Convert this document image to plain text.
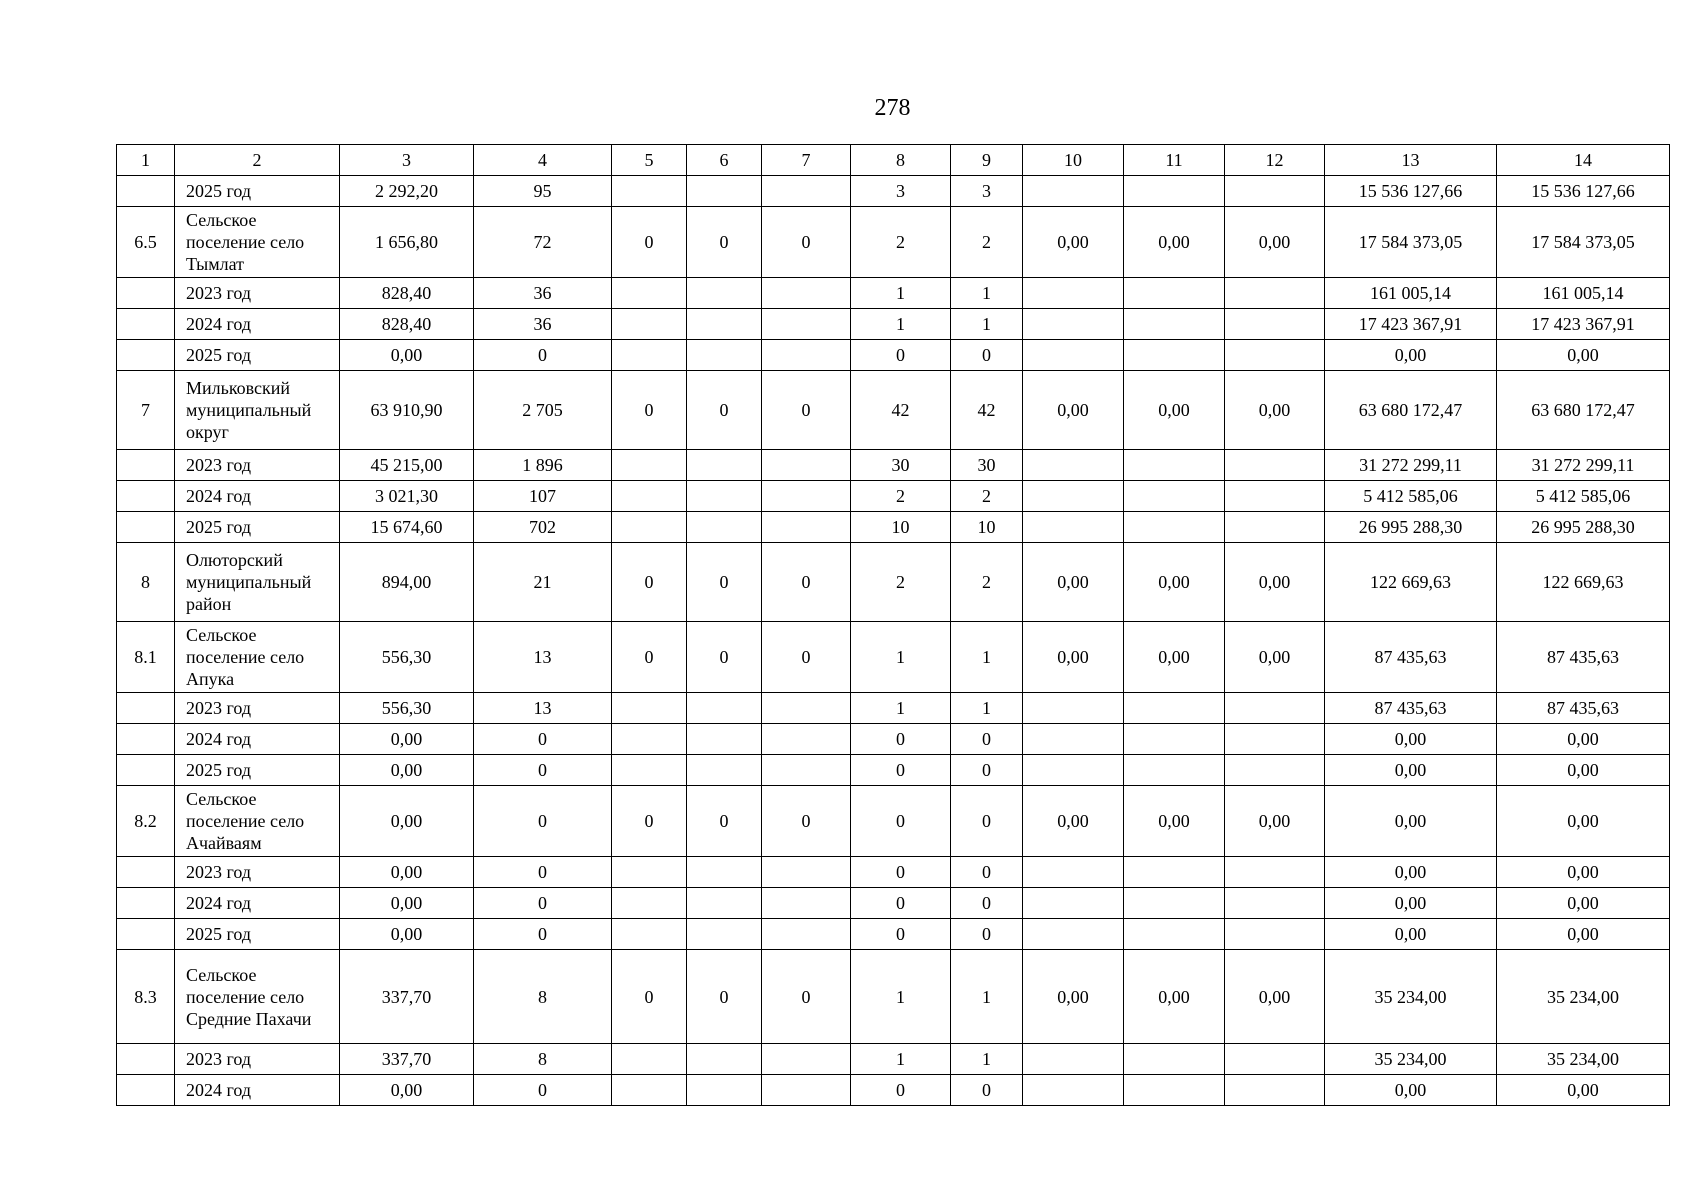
278
1	2	3	4	5	6	7	8	9	10	11	12	13	14
	2025 год	2 292,20	95				3	3				15 536 127,66	15 536 127,66
6.5	Сельское поселение село Тымлат	1 656,80	72	0	0	0	2	2	0,00	0,00	0,00	17 584 373,05	17 584 373,05
	2023 год	828,40	36				1	1				161 005,14	161 005,14
	2024 год	828,40	36				1	1				17 423 367,91	17 423 367,91
	2025 год	0,00	0				0	0				0,00	0,00
7	Мильковский муниципальный округ	63 910,90	2 705	0	0	0	42	42	0,00	0,00	0,00	63 680 172,47	63 680 172,47
	2023 год	45 215,00	1 896				30	30				31 272 299,11	31 272 299,11
	2024 год	3 021,30	107				2	2				5 412 585,06	5 412 585,06
	2025 год	15 674,60	702				10	10				26 995 288,30	26 995 288,30
8	Олюторский муниципальный район	894,00	21	0	0	0	2	2	0,00	0,00	0,00	122 669,63	122 669,63
8.1	Сельское поселение село Апука	556,30	13	0	0	0	1	1	0,00	0,00	0,00	87 435,63	87 435,63
	2023 год	556,30	13				1	1				87 435,63	87 435,63
	2024 год	0,00	0				0	0				0,00	0,00
	2025 год	0,00	0				0	0				0,00	0,00
8.2	Сельское поселение село Ачайваям	0,00	0	0	0	0	0	0	0,00	0,00	0,00	0,00	0,00
	2023 год	0,00	0				0	0				0,00	0,00
	2024 год	0,00	0				0	0				0,00	0,00
	2025 год	0,00	0				0	0				0,00	0,00
8.3	Сельское поселение село Средние Пахачи	337,70	8	0	0	0	1	1	0,00	0,00	0,00	35 234,00	35 234,00
	2023 год	337,70	8				1	1				35 234,00	35 234,00
	2024 год	0,00	0				0	0				0,00	0,00
